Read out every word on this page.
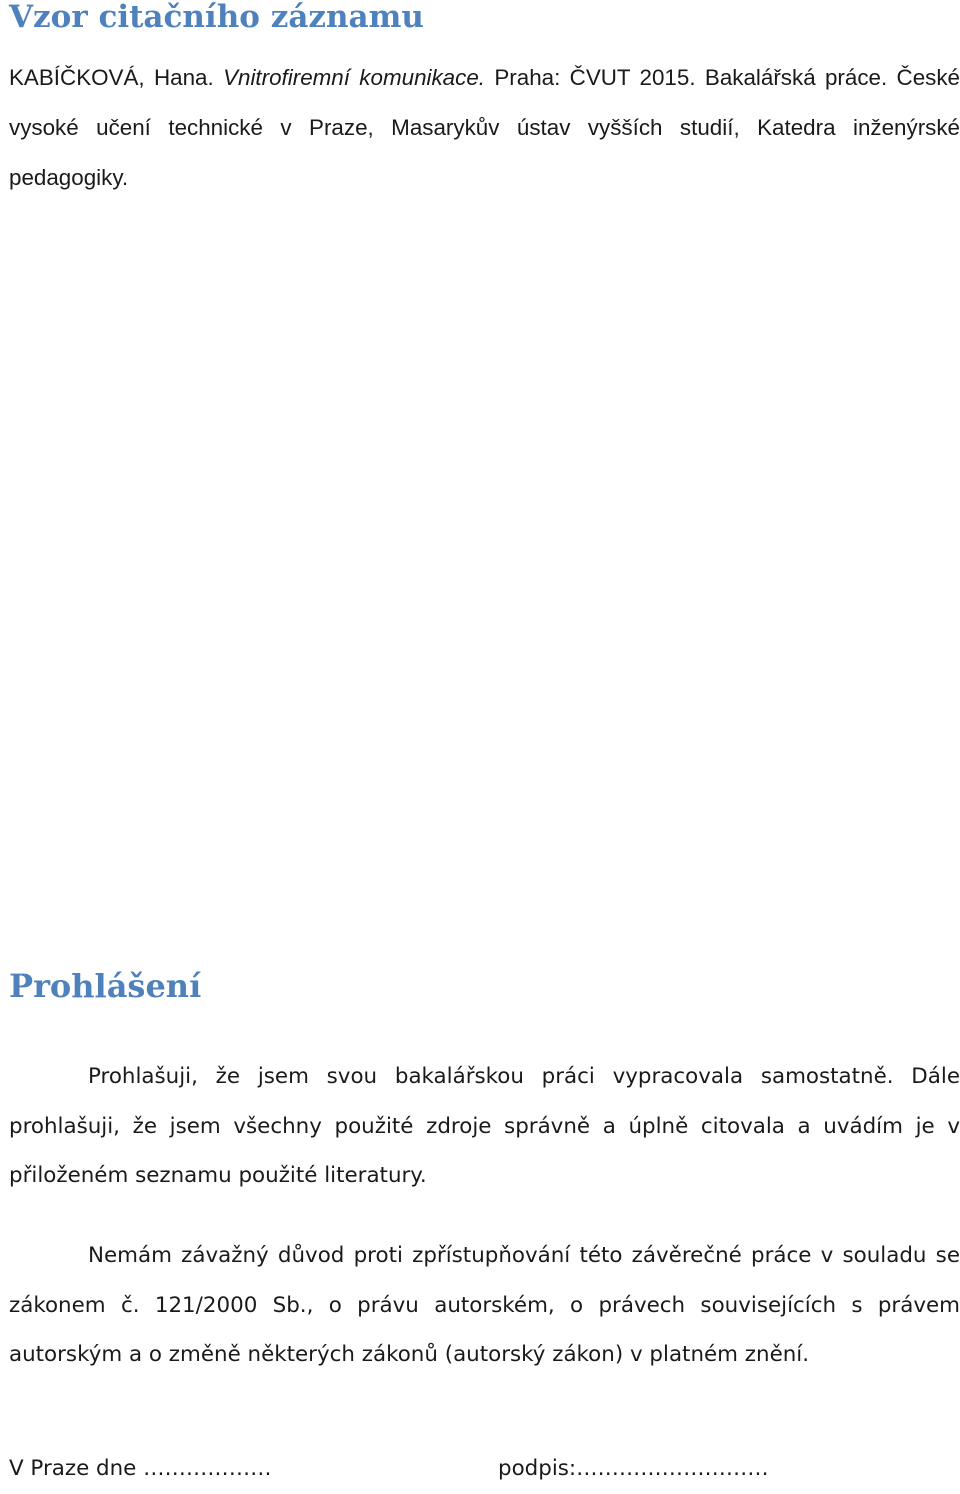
Vzor citačního záznamu

KABÍČKOVÁ, Hana. Vnitrofiremní komunikace. Praha: ČVUT 2015. Bakalářská práce. České vysoké učení technické v Praze, Masarykův ústav vyšších studií, Katedra inženýrské pedagogiky.

Prohlášení

Prohlašuji, že jsem svou bakalářskou práci vypracovala samostatně. Dále prohlašuji, že jsem všechny použité zdroje správně a úplně citovala a uvádím je v přiloženém seznamu použité literatury.

Nemám závažný důvod proti zpřístupňování této závěrečné práce v souladu se zákonem č. 121/2000 Sb., o právu autorském, o právech souvisejících s právem autorským a o změně některých zákonů (autorský zákon) v platném znění.

V Praze dne ………………	podpis:………………………
